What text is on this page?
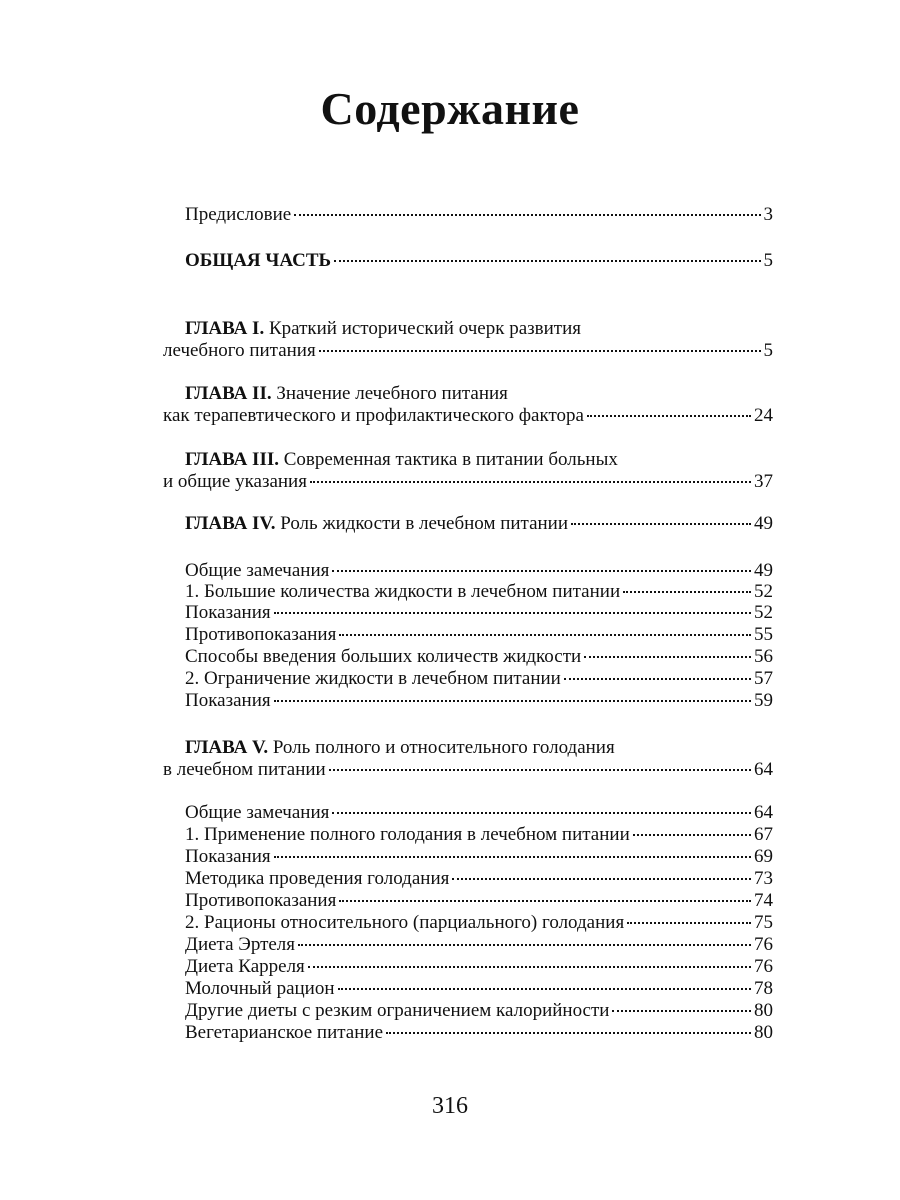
Содержание
Предисловие	3
ОБЩАЯ ЧАСТЬ	5
ГЛАВА I. Краткий исторический очерк развития
лечебного питания	5
ГЛАВА II. Значение лечебного питания
как терапевтического и профилактического фактора	24
ГЛАВА III. Современная тактика в питании больных
и общие указания	37
ГЛАВА IV. Роль жидкости в лечебном питании	49
Общие замечания	49
1. Большие количества жидкости в лечебном питании	52
Показания	52
Противопоказания	55
Способы введения больших количеств жидкости	56
2. Ограничение жидкости в лечебном питании	57
Показания	59
ГЛАВА V. Роль полного и относительного голодания
в лечебном питании	64
Общие замечания	64
1. Применение полного голодания в лечебном питании	67
Показания	69
Методика проведения голодания	73
Противопоказания	74
2. Рационы относительного (парциального) голодания	75
Диета Эртеля	76
Диета Карреля	76
Молочный рацион	78
Другие диеты с резким ограничением калорийности	80
Вегетарианское питание	80
316
